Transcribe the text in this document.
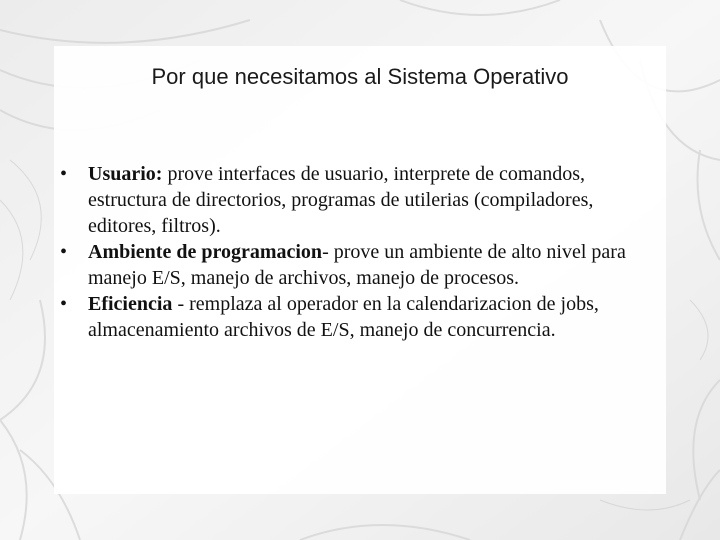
Por que necesitamos al Sistema Operativo
•	Usuario: prove interfaces de usuario, interprete de comandos, estructura de directorios, programas de utilerias (compiladores, editores, filtros).
•	Ambiente de programacion- prove un ambiente de alto nivel para manejo E/S, manejo de archivos, manejo de procesos.
•	Eficiencia - remplaza al operador en la calendarizacion de jobs, almacenamiento archivos de E/S, manejo de concurrencia.
